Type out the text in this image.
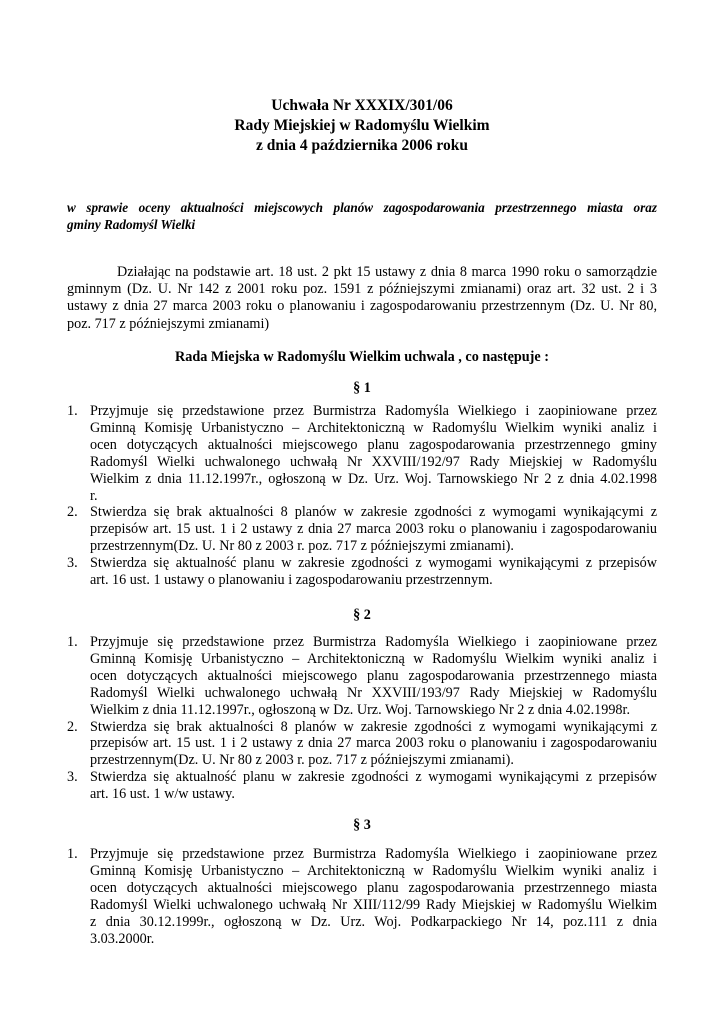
Uchwała Nr XXXIX/301/06
Rady Miejskiej w Radomyślu Wielkim
z dnia 4 października 2006 roku
w sprawie oceny aktualności miejscowych planów zagospodarowania przestrzennego miasta oraz
gminy Radomyśl Wielki
Działając na podstawie art. 18 ust. 2 pkt 15 ustawy z dnia 8 marca 1990 roku o samorządzie
gminnym (Dz. U. Nr 142 z 2001 roku poz. 1591 z późniejszymi zmianami) oraz art. 32 ust. 2 i 3
ustawy z dnia 27 marca 2003 roku o planowaniu i zagospodarowaniu przestrzennym (Dz. U. Nr 80,
poz. 717 z późniejszymi zmianami)
Rada Miejska w Radomyślu Wielkim uchwala , co następuje :
§ 1
1. Przyjmuje się przedstawione przez Burmistrza Radomyśla Wielkiego i zaopiniowane przez
Gminną Komisję Urbanistyczno – Architektoniczną w Radomyślu Wielkim wyniki analiz i
ocen dotyczących aktualności miejscowego planu zagospodarowania przestrzennego gminy
Radomyśl Wielki uchwalonego uchwałą Nr XXVIII/192/97 Rady Miejskiej w Radomyślu
Wielkim z dnia 11.12.1997r., ogłoszoną w Dz. Urz. Woj. Tarnowskiego Nr 2 z dnia 4.02.1998
r.
2. Stwierdza się brak aktualności 8 planów w zakresie zgodności z wymogami wynikającymi z
przepisów art. 15 ust. 1 i 2 ustawy z dnia 27 marca 2003 roku o planowaniu i zagospodarowaniu
przestrzennym(Dz. U. Nr 80 z 2003 r. poz. 717 z późniejszymi zmianami).
3. Stwierdza się aktualność planu w zakresie zgodności z wymogami wynikającymi z przepisów
art. 16 ust. 1 ustawy o planowaniu i zagospodarowaniu przestrzennym.
§ 2
1. Przyjmuje się przedstawione przez Burmistrza Radomyśla Wielkiego i zaopiniowane przez
Gminną Komisję Urbanistyczno – Architektoniczną w Radomyślu Wielkim wyniki analiz i
ocen dotyczących aktualności miejscowego planu zagospodarowania przestrzennego miasta
Radomyśl Wielki uchwalonego uchwałą Nr XXVIII/193/97 Rady Miejskiej w Radomyślu
Wielkim z dnia 11.12.1997r., ogłoszoną w Dz. Urz. Woj. Tarnowskiego Nr 2 z dnia 4.02.1998r.
2. Stwierdza się brak aktualności 8 planów w zakresie zgodności z wymogami wynikającymi z
przepisów art. 15 ust. 1 i 2 ustawy z dnia 27 marca 2003 roku o planowaniu i zagospodarowaniu
przestrzennym(Dz. U. Nr 80 z 2003 r. poz. 717 z późniejszymi zmianami).
3. Stwierdza się aktualność planu w zakresie zgodności z wymogami wynikającymi z przepisów
art. 16 ust. 1 w/w ustawy.
§ 3
1. Przyjmuje się przedstawione przez Burmistrza Radomyśla Wielkiego i zaopiniowane przez
Gminną Komisję Urbanistyczno – Architektoniczną w Radomyślu Wielkim wyniki analiz i
ocen dotyczących aktualności miejscowego planu zagospodarowania przestrzennego miasta
Radomyśl Wielki uchwalonego uchwałą Nr XIII/112/99 Rady Miejskiej w Radomyślu Wielkim
z dnia 30.12.1999r., ogłoszoną w Dz. Urz. Woj. Podkarpackiego Nr 14, poz.111 z dnia
3.03.2000r.
